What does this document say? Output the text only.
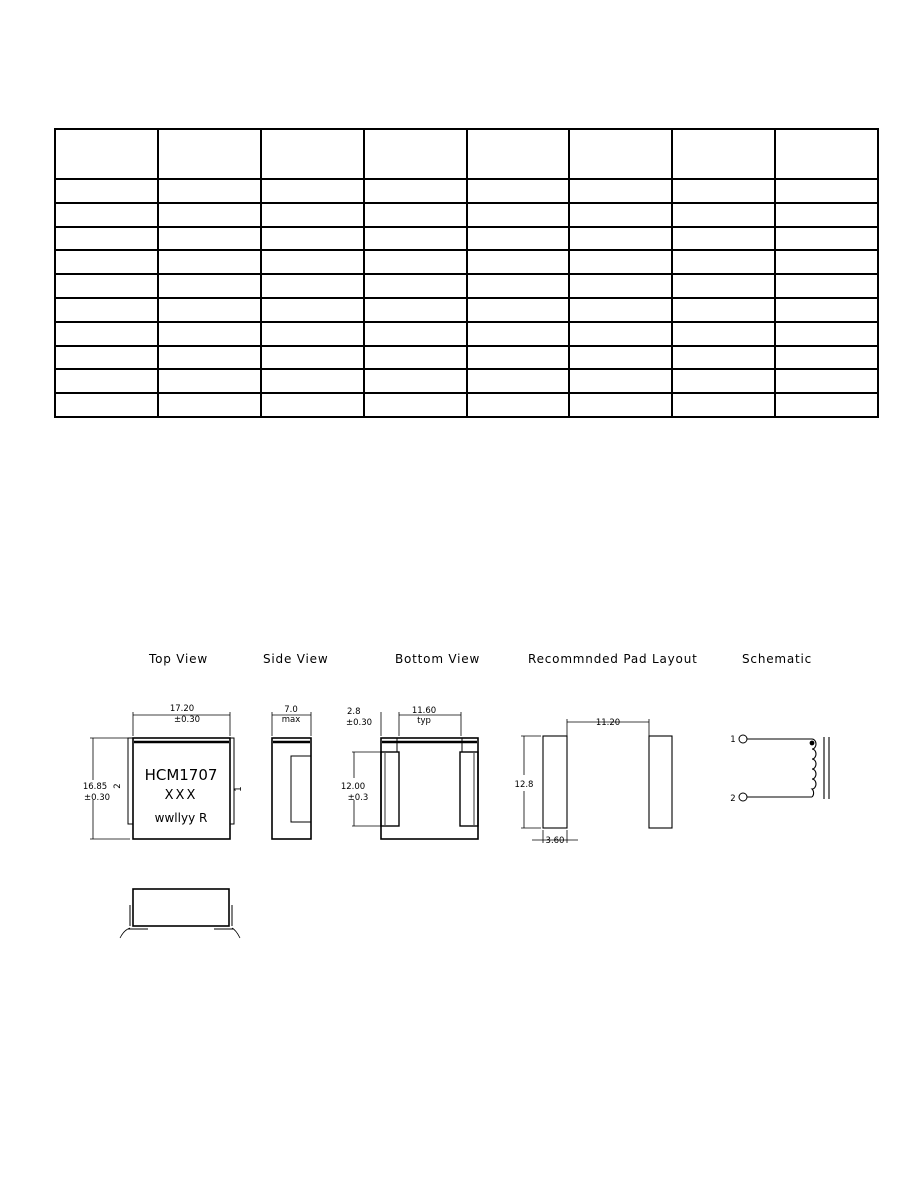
Top View	Side View	Bottom View	Recommnded Pad Layout	Schematic
17.20
±0.30
16.85
±0.30
HCM1707
XXX
wwllyy R
2
1
7.0
max
2.8
±0.30
11.60
typ
12.00
±0.3
11.20
12.8
3.60
1
2
